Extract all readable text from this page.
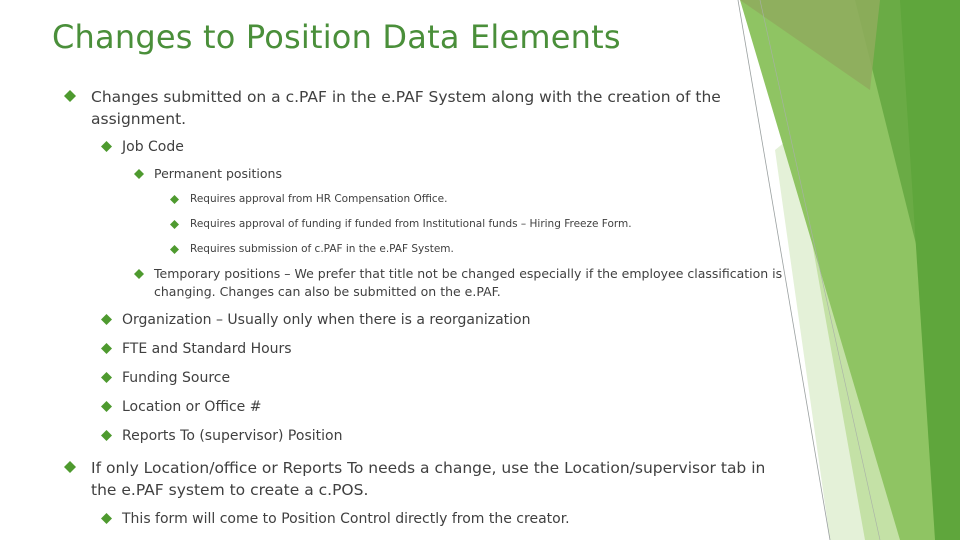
Changes to Position Data Elements
Changes submitted on a c.PAF in the e.PAF System along with the creation of the assignment.
Job Code
Permanent positions
Requires approval from HR Compensation Office.
Requires approval of funding if funded from Institutional funds – Hiring Freeze Form.
Requires submission of c.PAF in the e.PAF System.
Temporary positions – We prefer that title not be changed especially if the employee classification is changing. Changes can also be submitted on the e.PAF.
Organization – Usually only when there is a reorganization
FTE and Standard Hours
Funding Source
Location or Office #
Reports To (supervisor) Position
If only Location/office or Reports To needs a change, use the Location/supervisor tab in the e.PAF system to create a c.POS.
This form will come to Position Control directly from the creator.
